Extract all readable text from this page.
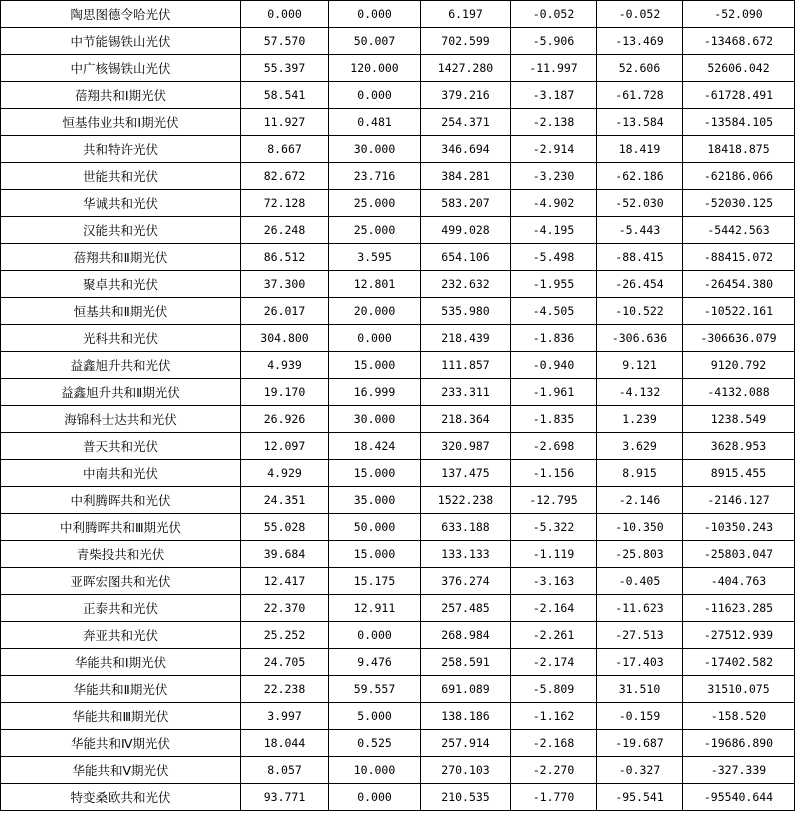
陶思图德令哈光伏	0.000	0.000	6.197	-0.052	-0.052	-52.090
中节能锡铁山光伏	57.570	50.007	702.599	-5.906	-13.469	-13468.672
中广核锡铁山光伏	55.397	120.000	1427.280	-11.997	52.606	52606.042
蓓翔共和Ⅰ期光伏	58.541	0.000	379.216	-3.187	-61.728	-61728.491
恒基伟业共和Ⅰ期光伏	11.927	0.481	254.371	-2.138	-13.584	-13584.105
共和特许光伏	8.667	30.000	346.694	-2.914	18.419	18418.875
世能共和光伏	82.672	23.716	384.281	-3.230	-62.186	-62186.066
华诚共和光伏	72.128	25.000	583.207	-4.902	-52.030	-52030.125
汉能共和光伏	26.248	25.000	499.028	-4.195	-5.443	-5442.563
蓓翔共和Ⅱ期光伏	86.512	3.595	654.106	-5.498	-88.415	-88415.072
聚卓共和光伏	37.300	12.801	232.632	-1.955	-26.454	-26454.380
恒基共和Ⅱ期光伏	26.017	20.000	535.980	-4.505	-10.522	-10522.161
光科共和光伏	304.800	0.000	218.439	-1.836	-306.636	-306636.079
益鑫旭升共和光伏	4.939	15.000	111.857	-0.940	9.121	9120.792
益鑫旭升共和Ⅱ期光伏	19.170	16.999	233.311	-1.961	-4.132	-4132.088
海锦科士达共和光伏	26.926	30.000	218.364	-1.835	1.239	1238.549
普天共和光伏	12.097	18.424	320.987	-2.698	3.629	3628.953
中南共和光伏	4.929	15.000	137.475	-1.156	8.915	8915.455
中利腾晖共和光伏	24.351	35.000	1522.238	-12.795	-2.146	-2146.127
中利腾晖共和Ⅲ期光伏	55.028	50.000	633.188	-5.322	-10.350	-10350.243
青柴投共和光伏	39.684	15.000	133.133	-1.119	-25.803	-25803.047
亚晖宏图共和光伏	12.417	15.175	376.274	-3.163	-0.405	-404.763
正泰共和光伏	22.370	12.911	257.485	-2.164	-11.623	-11623.285
奔亚共和光伏	25.252	0.000	268.984	-2.261	-27.513	-27512.939
华能共和Ⅰ期光伏	24.705	9.476	258.591	-2.174	-17.403	-17402.582
华能共和Ⅱ期光伏	22.238	59.557	691.089	-5.809	31.510	31510.075
华能共和Ⅲ期光伏	3.997	5.000	138.186	-1.162	-0.159	-158.520
华能共和Ⅳ期光伏	18.044	0.525	257.914	-2.168	-19.687	-19686.890
华能共和Ⅴ期光伏	8.057	10.000	270.103	-2.270	-0.327	-327.339
特变桑欧共和光伏	93.771	0.000	210.535	-1.770	-95.541	-95540.644
